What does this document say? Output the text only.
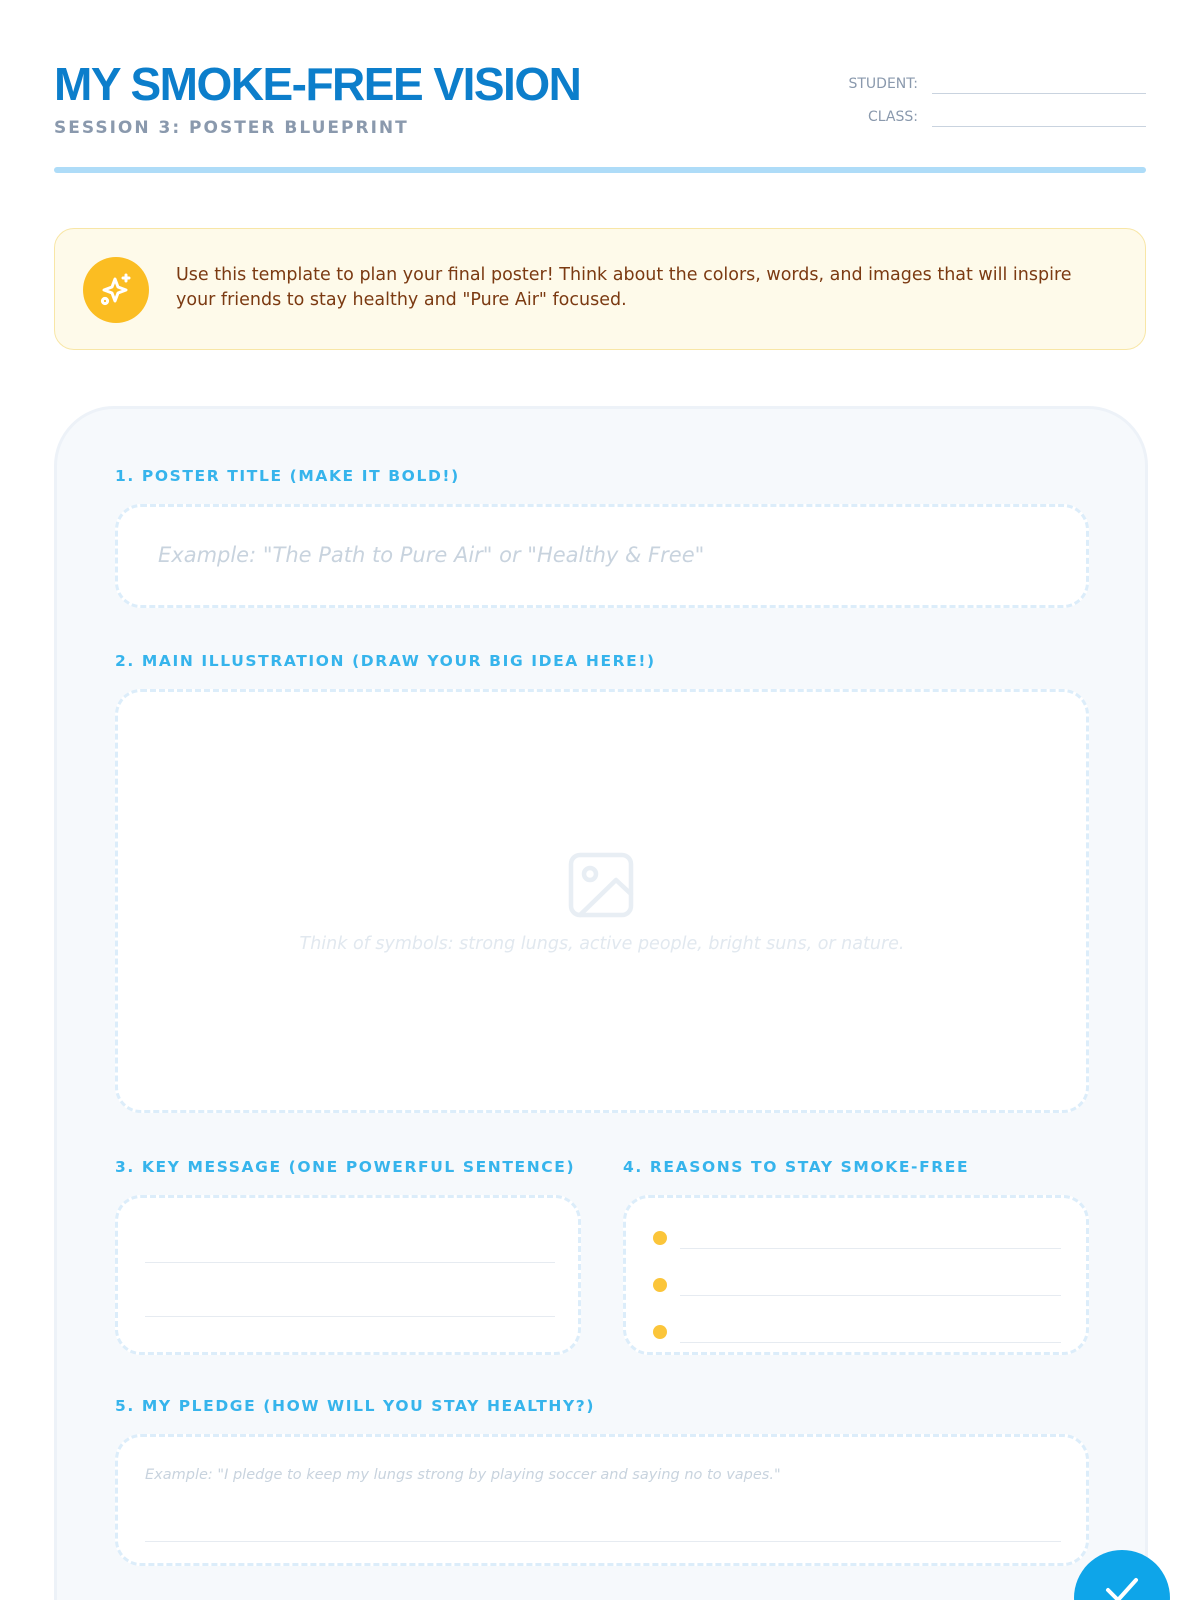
MY SMOKE-FREE VISION
SESSION 3: POSTER BLUEPRINT
STUDENT:
CLASS:
Use this template to plan your final poster! Think about the colors, words, and images that will inspire your friends to stay healthy and "Pure Air" focused.
1. POSTER TITLE (MAKE IT BOLD!)
Example: "The Path to Pure Air" or "Healthy & Free"
2. MAIN ILLUSTRATION (DRAW YOUR BIG IDEA HERE!)
Think of symbols: strong lungs, active people, bright suns, or nature.
3. KEY MESSAGE (ONE POWERFUL SENTENCE)	4. REASONS TO STAY SMOKE-FREE
5. MY PLEDGE (HOW WILL YOU STAY HEALTHY?)
Example: "I pledge to keep my lungs strong by playing soccer and saying no to vapes."
